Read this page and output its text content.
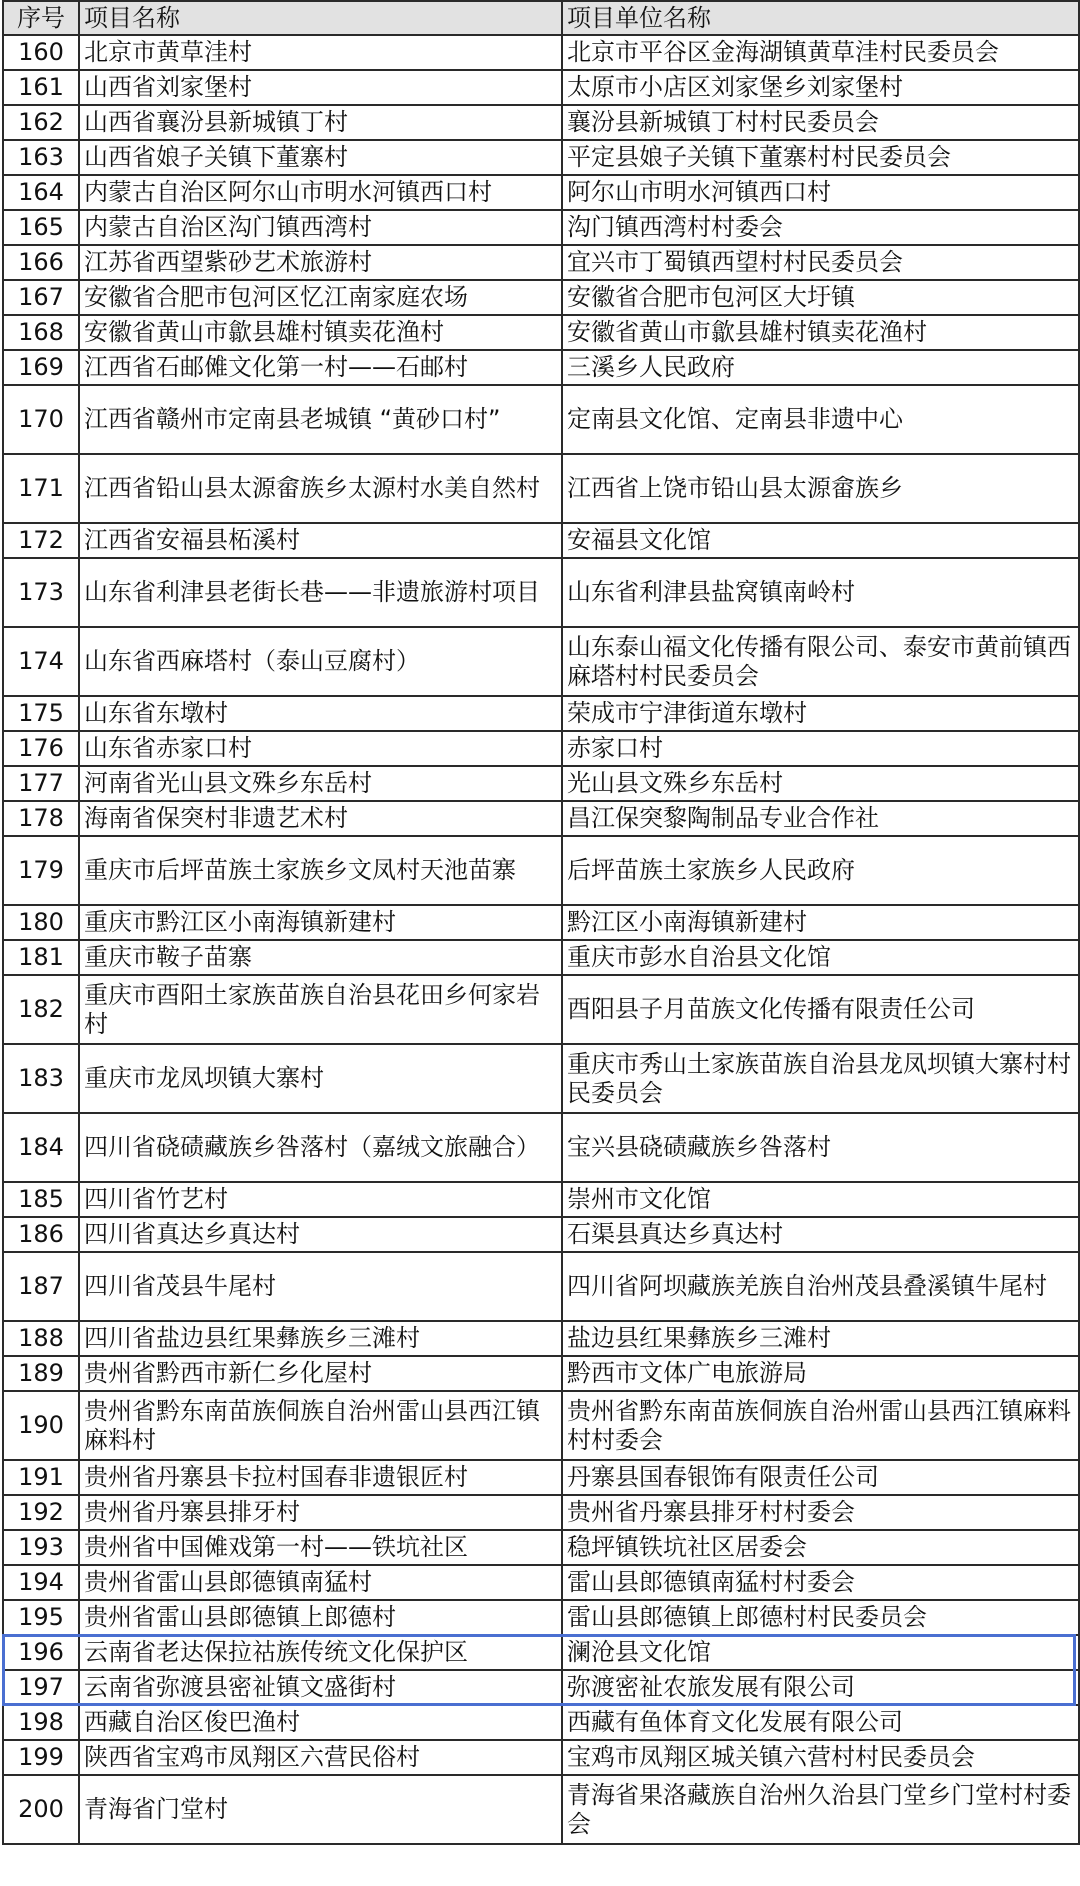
序号	项目名称	项目单位名称
160	北京市黄草洼村	北京市平谷区金海湖镇黄草洼村民委员会
161	山西省刘家堡村	太原市小店区刘家堡乡刘家堡村
162	山西省襄汾县新城镇丁村	襄汾县新城镇丁村村民委员会
163	山西省娘子关镇下董寨村	平定县娘子关镇下董寨村村民委员会
164	内蒙古自治区阿尔山市明水河镇西口村	阿尔山市明水河镇西口村
165	内蒙古自治区沟门镇西湾村	沟门镇西湾村村委会
166	江苏省西望紫砂艺术旅游村	宜兴市丁蜀镇西望村村民委员会
167	安徽省合肥市包河区忆江南家庭农场	安徽省合肥市包河区大圩镇
168	安徽省黄山市歙县雄村镇卖花渔村	安徽省黄山市歙县雄村镇卖花渔村
169	江西省石邮傩文化第一村——石邮村	三溪乡人民政府
170	江西省赣州市定南县老城镇 “黄砂口村”	定南县文化馆、定南县非遗中心
171	江西省铅山县太源畲族乡太源村水美自然村	江西省上饶市铅山县太源畲族乡
172	江西省安福县柘溪村	安福县文化馆
173	山东省利津县老街长巷——非遗旅游村项目	山东省利津县盐窝镇南岭村
174	山东省西麻塔村（泰山豆腐村）	山东泰山福文化传播有限公司、泰安市黄前镇西麻塔村村民委员会
175	山东省东墩村	荣成市宁津街道东墩村
176	山东省赤家口村	赤家口村
177	河南省光山县文殊乡东岳村	光山县文殊乡东岳村
178	海南省保突村非遗艺术村	昌江保突黎陶制品专业合作社
179	重庆市后坪苗族土家族乡文凤村天池苗寨	后坪苗族土家族乡人民政府
180	重庆市黔江区小南海镇新建村	黔江区小南海镇新建村
181	重庆市鞍子苗寨	重庆市彭水自治县文化馆
182	重庆市酉阳土家族苗族自治县花田乡何家岩村	酉阳县子月苗族文化传播有限责任公司
183	重庆市龙凤坝镇大寨村	重庆市秀山土家族苗族自治县龙凤坝镇大寨村村民委员会
184	四川省硗碛藏族乡咎落村（嘉绒文旅融合）	宝兴县硗碛藏族乡咎落村
185	四川省竹艺村	崇州市文化馆
186	四川省真达乡真达村	石渠县真达乡真达村
187	四川省茂县牛尾村	四川省阿坝藏族羌族自治州茂县叠溪镇牛尾村
188	四川省盐边县红果彝族乡三滩村	盐边县红果彝族乡三滩村
189	贵州省黔西市新仁乡化屋村	黔西市文体广电旅游局
190	贵州省黔东南苗族侗族自治州雷山县西江镇麻料村	贵州省黔东南苗族侗族自治州雷山县西江镇麻料村村委会
191	贵州省丹寨县卡拉村国春非遗银匠村	丹寨县国春银饰有限责任公司
192	贵州省丹寨县排牙村	贵州省丹寨县排牙村村委会
193	贵州省中国傩戏第一村——铁坑社区	稳坪镇铁坑社区居委会
194	贵州省雷山县郎德镇南猛村	雷山县郎德镇南猛村村委会
195	贵州省雷山县郎德镇上郎德村	雷山县郎德镇上郎德村村民委员会
196	云南省老达保拉祜族传统文化保护区	澜沧县文化馆
197	云南省弥渡县密祉镇文盛街村	弥渡密祉农旅发展有限公司
198	西藏自治区俊巴渔村	西藏有鱼体育文化发展有限公司
199	陕西省宝鸡市凤翔区六营民俗村	宝鸡市凤翔区城关镇六营村村民委员会
200	青海省门堂村	青海省果洛藏族自治州久治县门堂乡门堂村村委会
